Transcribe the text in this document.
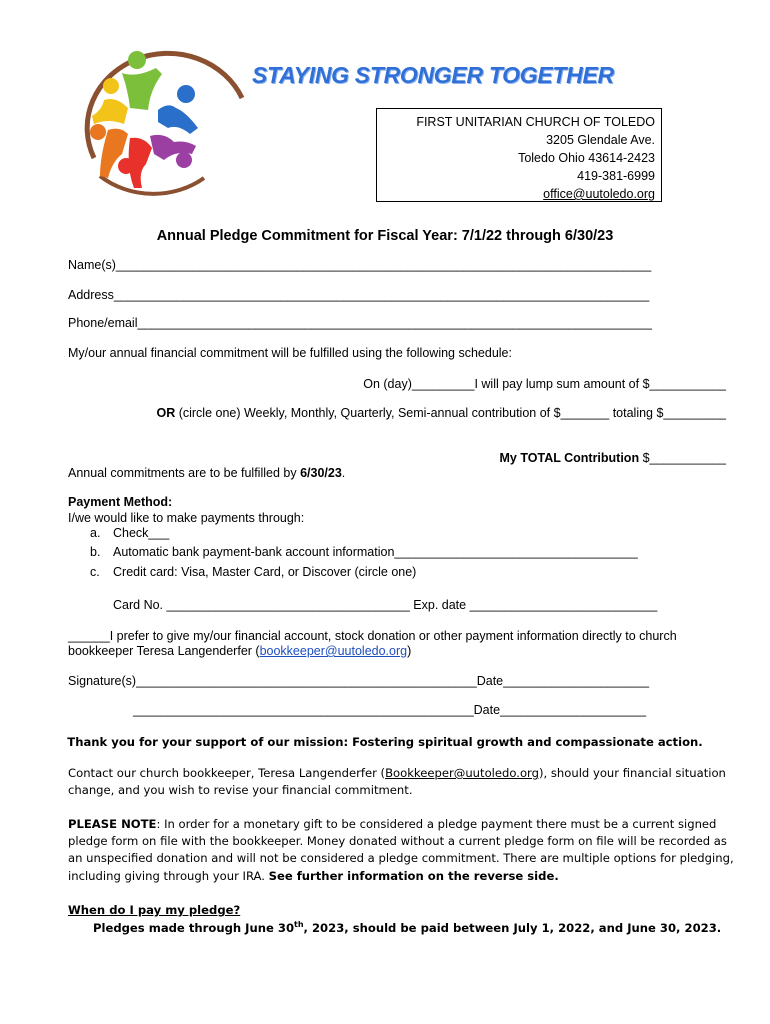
STAYING STRONGER TOGETHER
FIRST UNITARIAN CHURCH OF TOLEDO
3205 Glendale Ave.
Toledo Ohio 43614-2423
419-381-6999
office@uutoledo.org
Annual Pledge Commitment for Fiscal Year: 7/1/22 through 6/30/23
Name(s)_____________________________________________________________________________
Address_____________________________________________________________________________
Phone/email__________________________________________________________________________
My/our annual financial commitment will be fulfilled using the following schedule:
On (day)_________I will pay lump sum amount of $___________
OR (circle one) Weekly, Monthly, Quarterly, Semi-annual contribution of $_______ totaling $_________
My TOTAL Contribution $___________
Annual commitments are to be fulfilled by 6/30/23.
Payment Method:
I/we would like to make payments through:
a. Check___
b. Automatic bank payment-bank account information___________________________________
c. Credit card: Visa, Master Card, or Discover (circle one)
Card No. ___________________________________ Exp. date ___________________________
______I prefer to give my/our financial account, stock donation or other payment information directly to church
bookkeeper Teresa Langenderfer (bookkeeper@uutoledo.org)
Signature(s)_________________________________________________Date_____________________
_________________________________________________Date_____________________
Thank you for your support of our mission: Fostering spiritual growth and compassionate action.
Contact our church bookkeeper, Teresa Langenderfer (Bookkeeper@uutoledo.org), should your financial situation
change, and you wish to revise your financial commitment.
PLEASE NOTE: In order for a monetary gift to be considered a pledge payment there must be a current signed
pledge form on file with the bookkeeper. Money donated without a current pledge form on file will be recorded as
an unspecified donation and will not be considered a pledge commitment. There are multiple options for pledging,
including giving through your IRA. See further information on the reverse side.
When do I pay my pledge?
Pledges made through June 30th, 2023, should be paid between July 1, 2022, and June 30, 2023.
